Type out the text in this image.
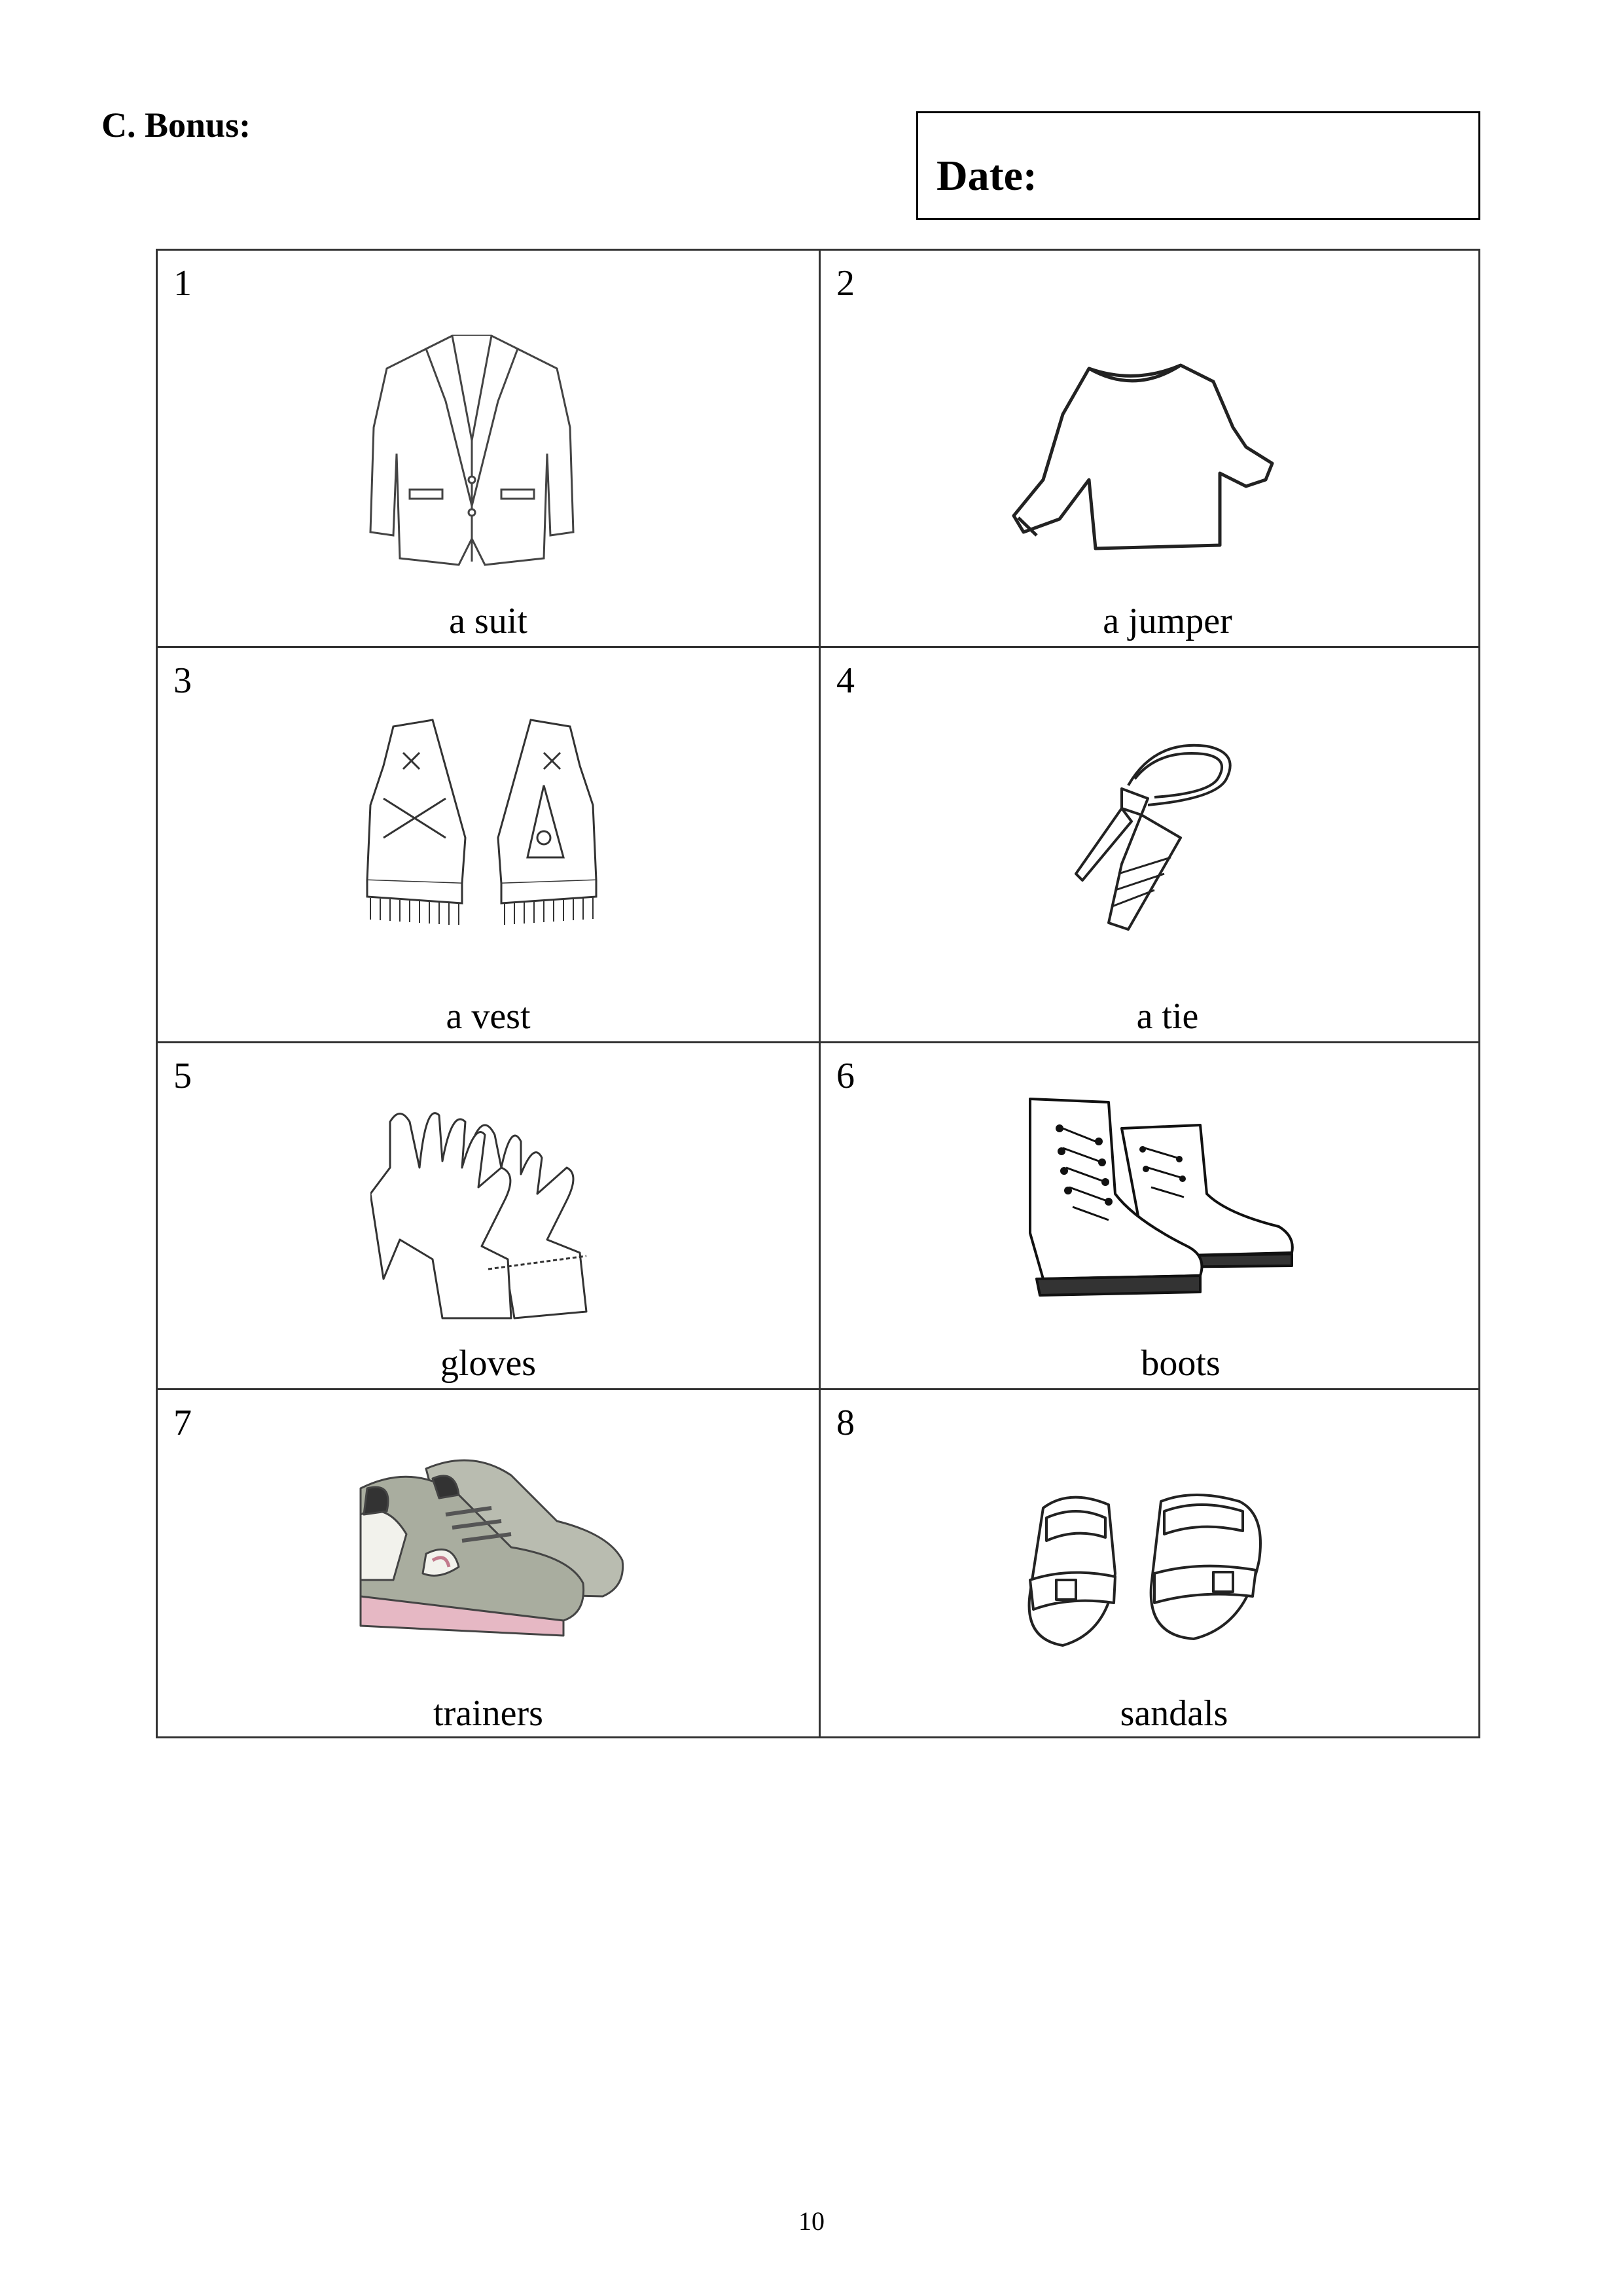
C. Bonus:
Date:
1
a suit
2
a jumper
3
a vest
4
a tie
5
gloves
6
boots
7
trainers
8
sandals
10
